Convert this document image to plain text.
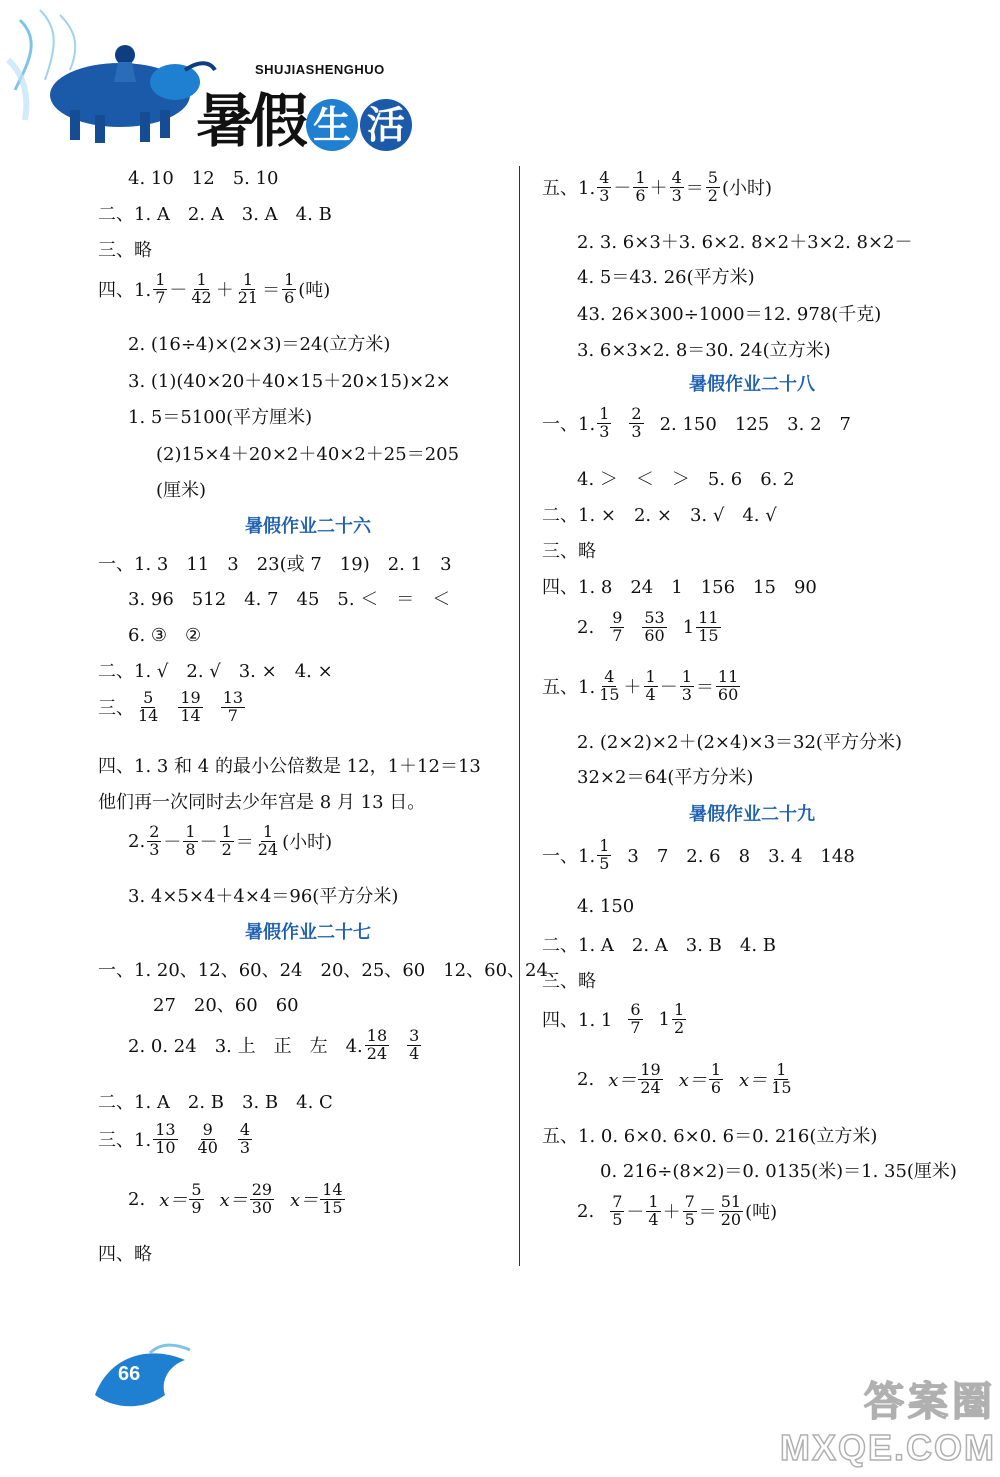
SHUJIASHENGHUO
暑假 生 活
4. 10　12　5. 10
二、1. A　2. A　3. A　4. B
三、略
四、1. $\frac{1}{7} - \frac{1}{42} + \frac{1}{21} = \frac{1}{6}$ (吨)
2. (16÷4)×(2×3)＝24(立方米)
3. (1)(40×20＋40×15＋20×15)×2×
1. 5＝5100(平方厘米)
(2)15×4＋20×2＋40×2＋25＝205
(厘米)
暑假作业二十六
一、1. 3　11　3　23(或 7　19)　2. 1　3
3. 96　512　4. 7　45　5. ＜　＝　＜
6. ③　②
二、1. √　2. √　3. ×　4. ×
三、 $\frac{5}{14} \frac{19}{14} \frac{13}{7}$
四、1. 3 和 4 的最小公倍数是 12，1＋12＝13
他们再一次同时去少年宫是 8 月 13 日。
2. $\frac{2}{3} - \frac{1}{8} - \frac{1}{2} = \frac{1}{24}$ (小时)
3. 4×5×4＋4×4＝96(平方分米)
暑假作业二十七
一、1. 20、12、60、24　20、25、60　12、60、24、
27　20、60　60
2. 0. 24　3. 上　正　左　4. $\frac{18}{24} \frac{3}{4}$
二、1. A　2. B　3. B　4. C
三、1. $\frac{13}{10} \frac{9}{40} \frac{4}{3}$
2. $x= \frac{5}{9} x= \frac{29}{30} x= \frac{14}{15}$
四、略
五、1. $\frac{4}{3} - \frac{1}{6} + \frac{4}{3} = \frac{5}{2}$ (小时)
2. 3. 6×3＋3. 6×2. 8×2＋3×2. 8×2－
4. 5＝43. 26(平方米)
43. 26×300÷1000＝12. 978(千克)
3. 6×3×2. 8＝30. 24(立方米)
暑假作业二十八
一、1. $\frac{1}{3} \frac{2}{3} 2$. 150　125　3. 2　7
4. ＞　＜　＞　5. 6　6. 2
二、1. ×　2. ×　3. √　4. √
三、略
四、1. 8　24　1　156　15　90
2. $\frac{9}{7} \frac{53}{60} 1 \frac{11}{15}$
五、1. $\frac{4}{15} + \frac{1}{4} - \frac{1}{3} = \frac{11}{60}$
2. (2×2)×2＋(2×4)×3＝32(平方分米)
32×2＝64(平方分米)
暑假作业二十九
一、1. $\frac{1}{5} 3$　7　2. 6　8　3. 4　148
4. 150
二、1. A　2. A　3. B　4. B
三、略
四、1. $1 \frac{6}{7} 1 \frac{1}{2}$
2. $x= \frac{19}{24} x= \frac{1}{6} x= \frac{1}{15}$
五、1. 0. 6×0. 6×0. 6＝0. 216(立方米)
0. 216÷(8×2)＝0. 0135(米)＝1. 35(厘米)
2. $\frac{7}{5} - \frac{1}{4} + \frac{7}{5} = \frac{51}{20}$ (吨)
66
答案圈
MXQE.COM
